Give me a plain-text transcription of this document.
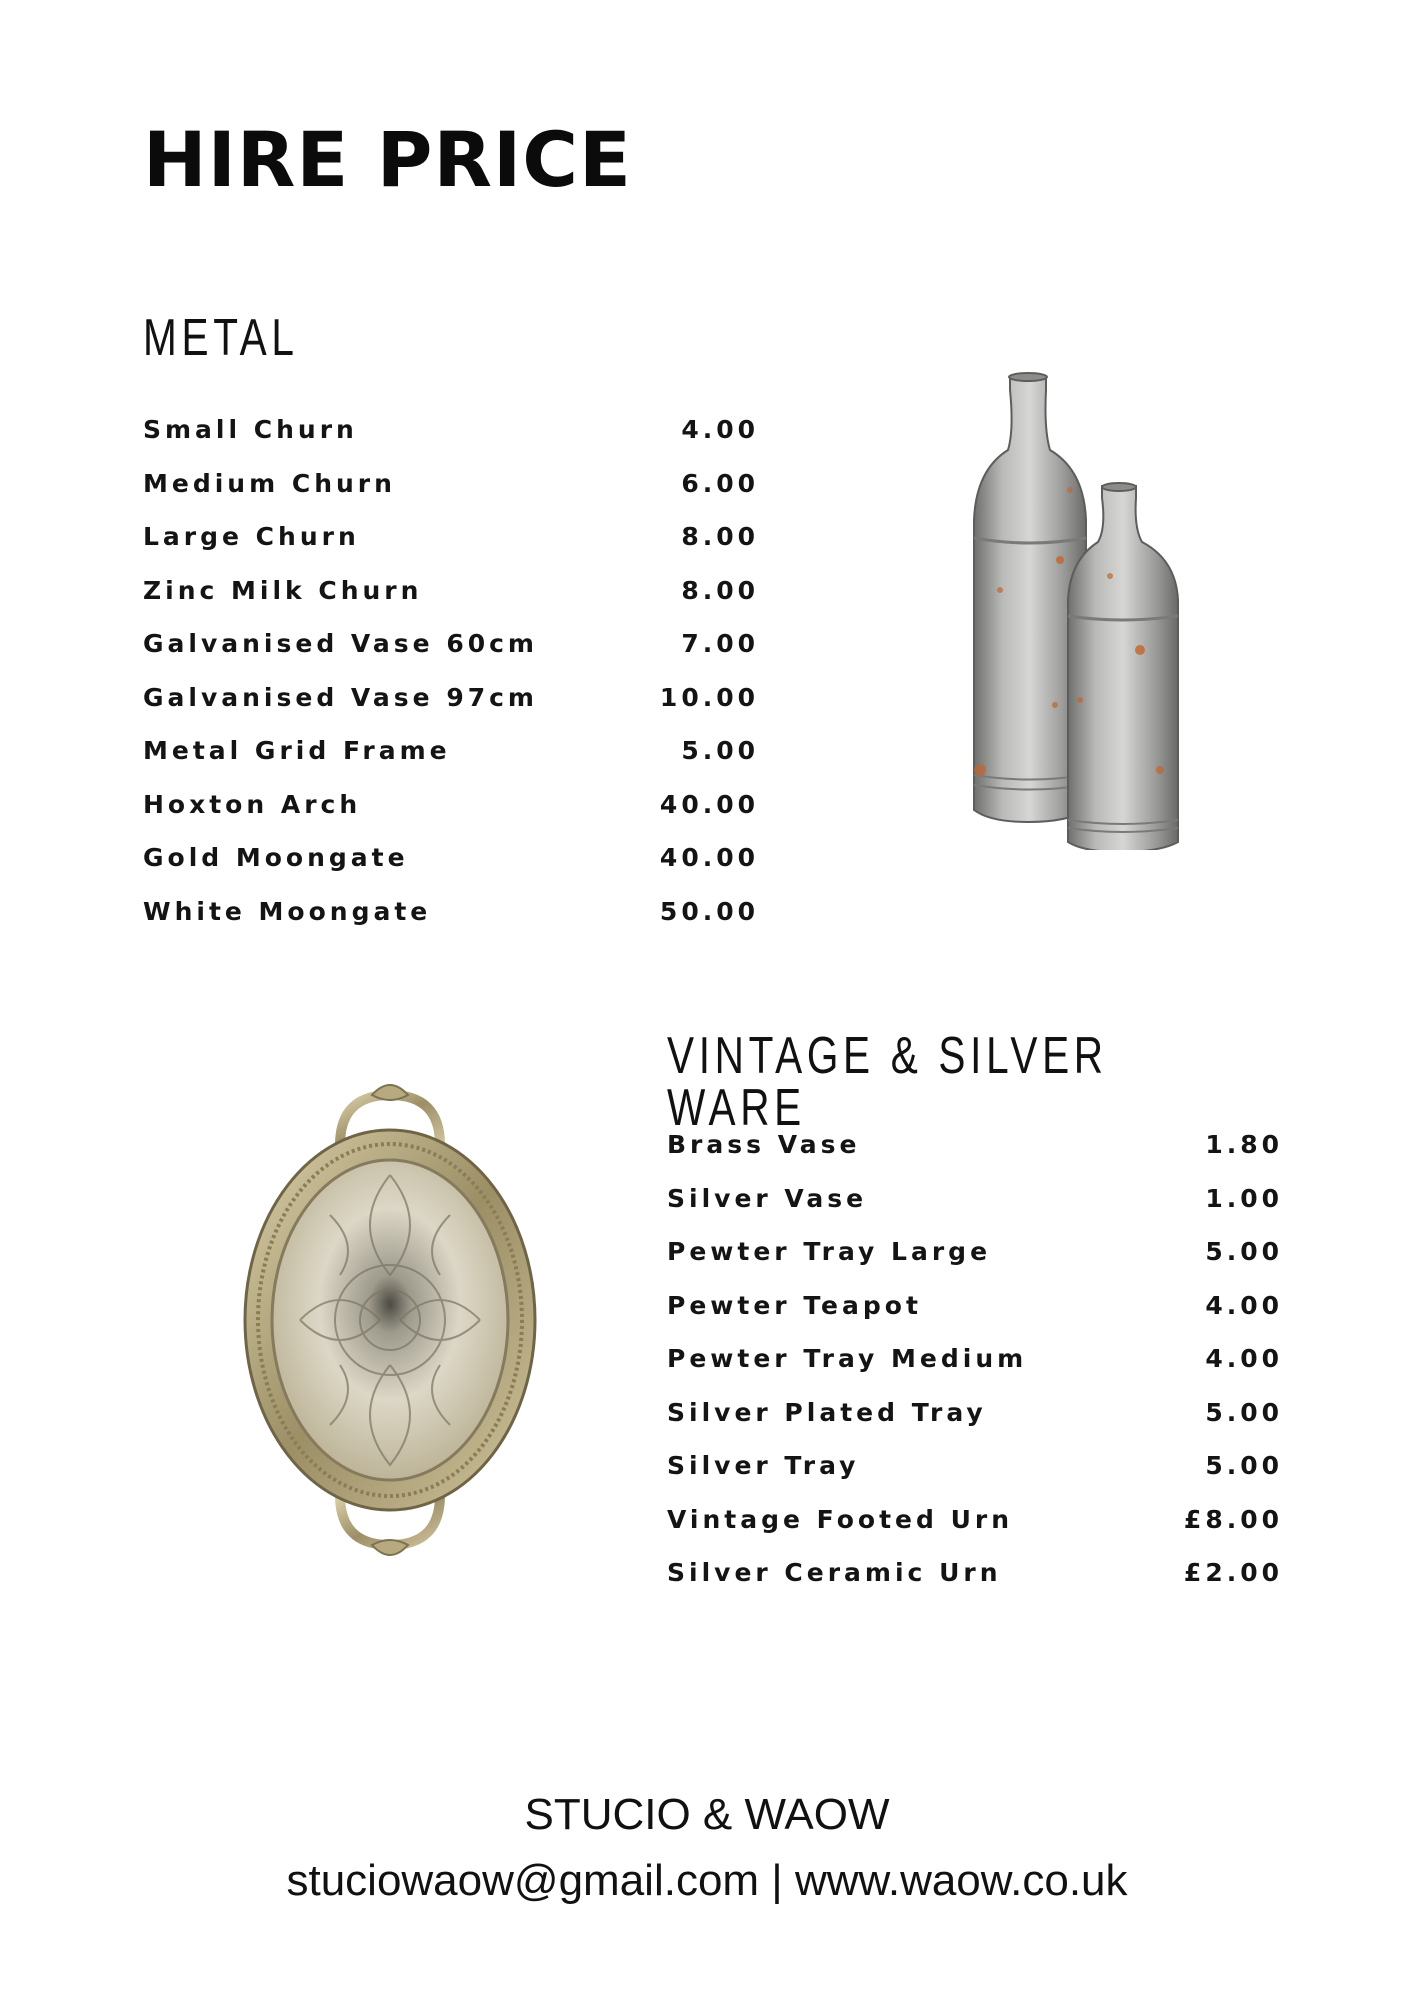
HIRE PRICE
METAL
Small Churn	4.00
Medium Churn	6.00
Large Churn	8.00
Zinc Milk Churn	8.00
Galvanised Vase 60cm	7.00
Galvanised Vase 97cm	10.00
Metal Grid Frame	5.00
Hoxton Arch	40.00
Gold Moongate	40.00
White Moongate	50.00
VINTAGE & SILVER WARE
Brass Vase	1.80
Silver Vase	1.00
Pewter Tray Large	5.00
Pewter Teapot	4.00
Pewter Tray Medium	4.00
Silver Plated Tray	5.00
Silver Tray	5.00
Vintage Footed Urn	£8.00
Silver Ceramic Urn	£2.00
STUCIO & WAOW
stuciowaow@gmail.com | www.waow.co.uk
